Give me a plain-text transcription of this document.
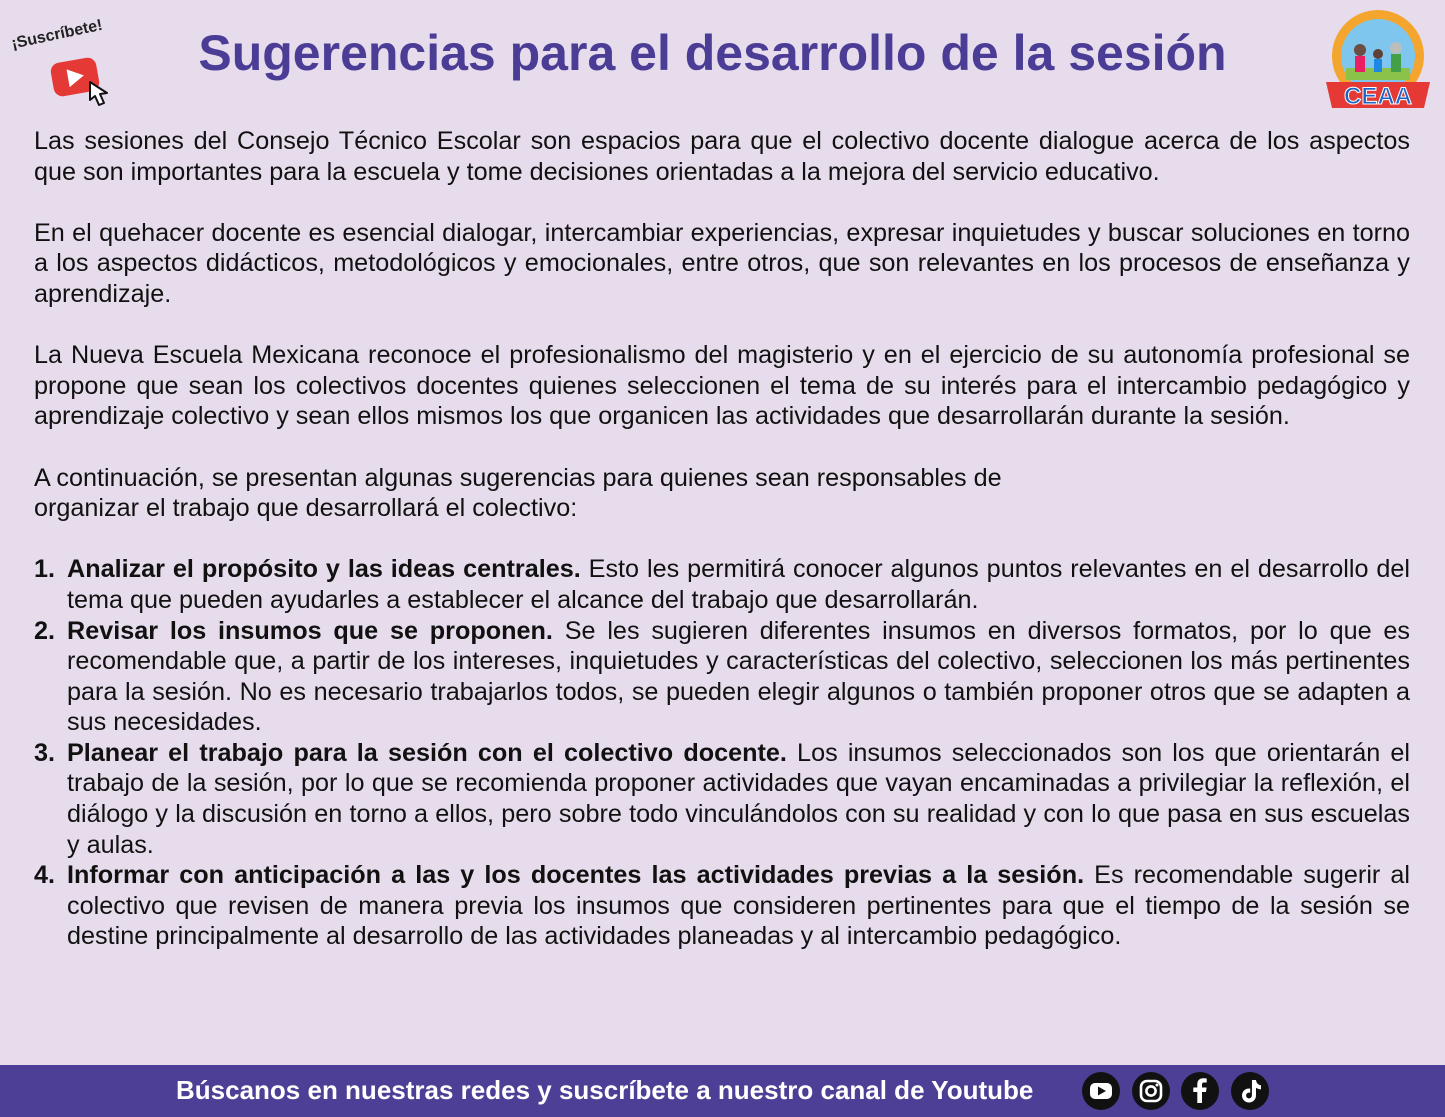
¡Suscríbete!	Sugerencias para el desarrollo de la sesión
CEAA

Las sesiones del Consejo Técnico Escolar son espacios para que el colectivo docente dialogue acerca de los aspectos que son importantes para la escuela y tome decisiones orientadas a la mejora del servicio educativo.

En el quehacer docente es esencial dialogar, intercambiar experiencias, expresar inquietudes y buscar soluciones en torno a los aspectos didácticos, metodológicos y emocionales, entre otros, que son relevantes en los procesos de enseñanza y aprendizaje.

La Nueva Escuela Mexicana reconoce el profesionalismo del magisterio y en el ejercicio de su autonomía profesional se propone que sean los colectivos docentes quienes seleccionen el tema de su interés para el intercambio pedagógico y aprendizaje colectivo y sean ellos mismos los que organicen las actividades que desarrollarán durante la sesión.

A continuación, se presentan algunas sugerencias para quienes sean responsables de
organizar el trabajo que desarrollará el colectivo:

1. Analizar el propósito y las ideas centrales. Esto les permitirá conocer algunos puntos relevantes en el desarrollo del tema que pueden ayudarles a establecer el alcance del trabajo que desarrollarán.
2. Revisar los insumos que se proponen. Se les sugieren diferentes insumos en diversos formatos, por lo que es recomendable que, a partir de los intereses, inquietudes y características del colectivo, seleccionen los más pertinentes para la sesión. No es necesario trabajarlos todos, se pueden elegir algunos o también proponer otros que se adapten a sus necesidades.
3. Planear el trabajo para la sesión con el colectivo docente. Los insumos seleccionados son los que orientarán el trabajo de la sesión, por lo que se recomienda proponer actividades que vayan encaminadas a privilegiar la reflexión, el diálogo y la discusión en torno a ellos, pero sobre todo vinculándolos con su realidad y con lo que pasa en sus escuelas y aulas.
4. Informar con anticipación a las y los docentes las actividades previas a la sesión. Es recomendable sugerir al colectivo que revisen de manera previa los insumos que consideren pertinentes para que el tiempo de la sesión se destine principalmente al desarrollo de las actividades planeadas y al intercambio pedagógico.
Búscanos en nuestras redes y suscríbete a nuestro canal de Youtube
